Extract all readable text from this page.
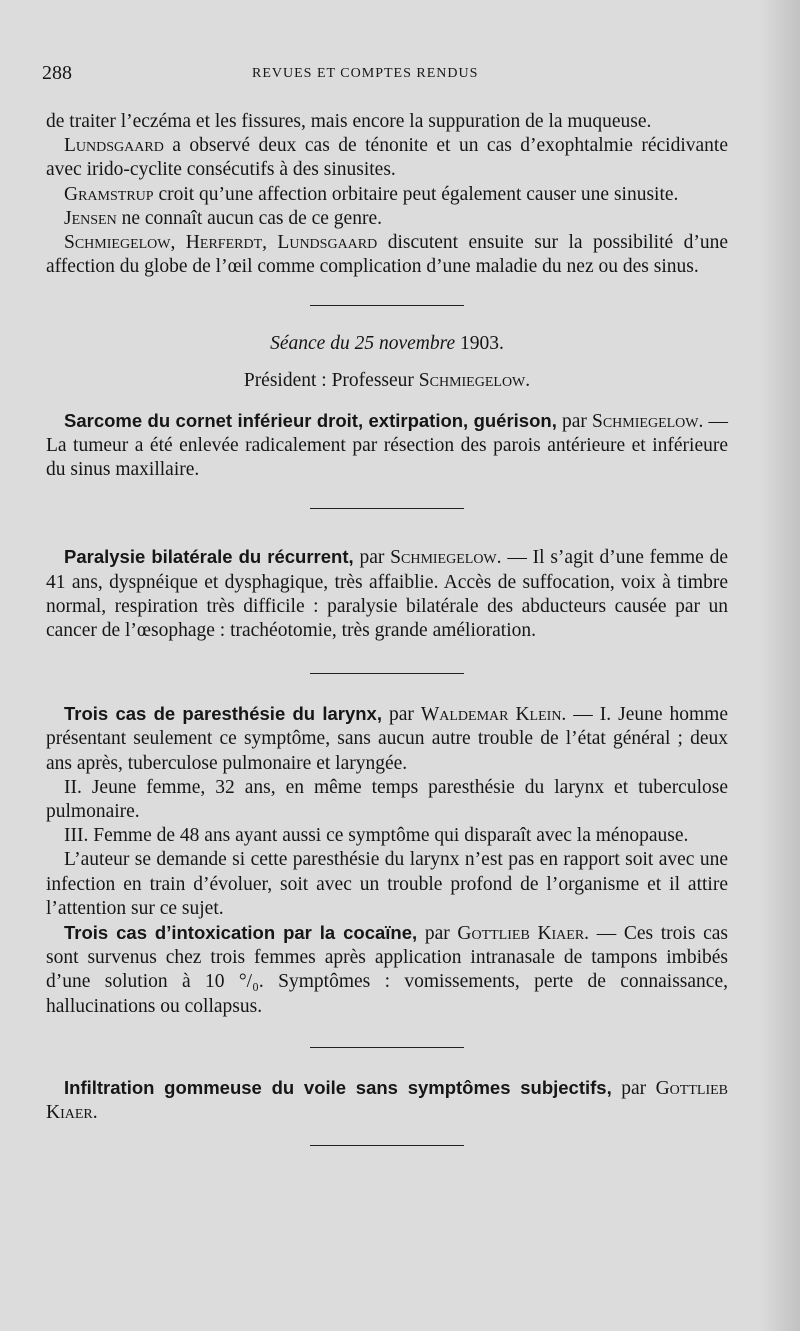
288	REVUES ET COMPTES RENDUS

de traiter l’eczéma et les fissures, mais encore la suppuration de la muqueuse.

Lundsgaard a observé deux cas de ténonite et un cas d’exophtalmie récidivante avec irido-cyclite consécutifs à des sinusites.

Gramstrup croit qu’une affection orbitaire peut également causer une sinusite.

Jensen ne connaît aucun cas de ce genre.

Schmiegelow, Herferdt, Lundsgaard discutent ensuite sur la possibilité d’une affection du globe de l’œil comme complication d’une maladie du nez ou des sinus.

Séance du 25 novembre 1903.

Président : Professeur Schmiegelow.

Sarcome du cornet inférieur droit, extirpation, guérison, par Schmiegelow. — La tumeur a été enlevée radicalement par résection des parois antérieure et inférieure du sinus maxillaire.

Paralysie bilatérale du récurrent, par Schmiegelow. — Il s’agit d’une femme de 41 ans, dyspnéique et dysphagique, très affaiblie. Accès de suffocation, voix à timbre normal, respiration très difficile : paralysie bilatérale des abducteurs causée par un cancer de l’œsophage : trachéotomie, très grande amélioration.

Trois cas de paresthésie du larynx, par Waldemar Klein. — I. Jeune homme présentant seulement ce symptôme, sans aucun autre trouble de l’état général ; deux ans après, tuberculose pulmonaire et laryngée.

II. Jeune femme, 32 ans, en même temps paresthésie du larynx et tuberculose pulmonaire.

III. Femme de 48 ans ayant aussi ce symptôme qui disparaît avec la ménopause.

L’auteur se demande si cette paresthésie du larynx n’est pas en rapport soit avec une infection en train d’évoluer, soit avec un trouble profond de l’organisme et il attire l’attention sur ce sujet.

Trois cas d’intoxication par la cocaïne, par Gottlieb Kiaer. — Ces trois cas sont survenus chez trois femmes après application intranasale de tampons imbibés d’une solution à 10 °/₀. Symptômes : vomissements, perte de connaissance, hallucinations ou collapsus.

Infiltration gommeuse du voile sans symptômes subjectifs, par Gottlieb Kiaer.
